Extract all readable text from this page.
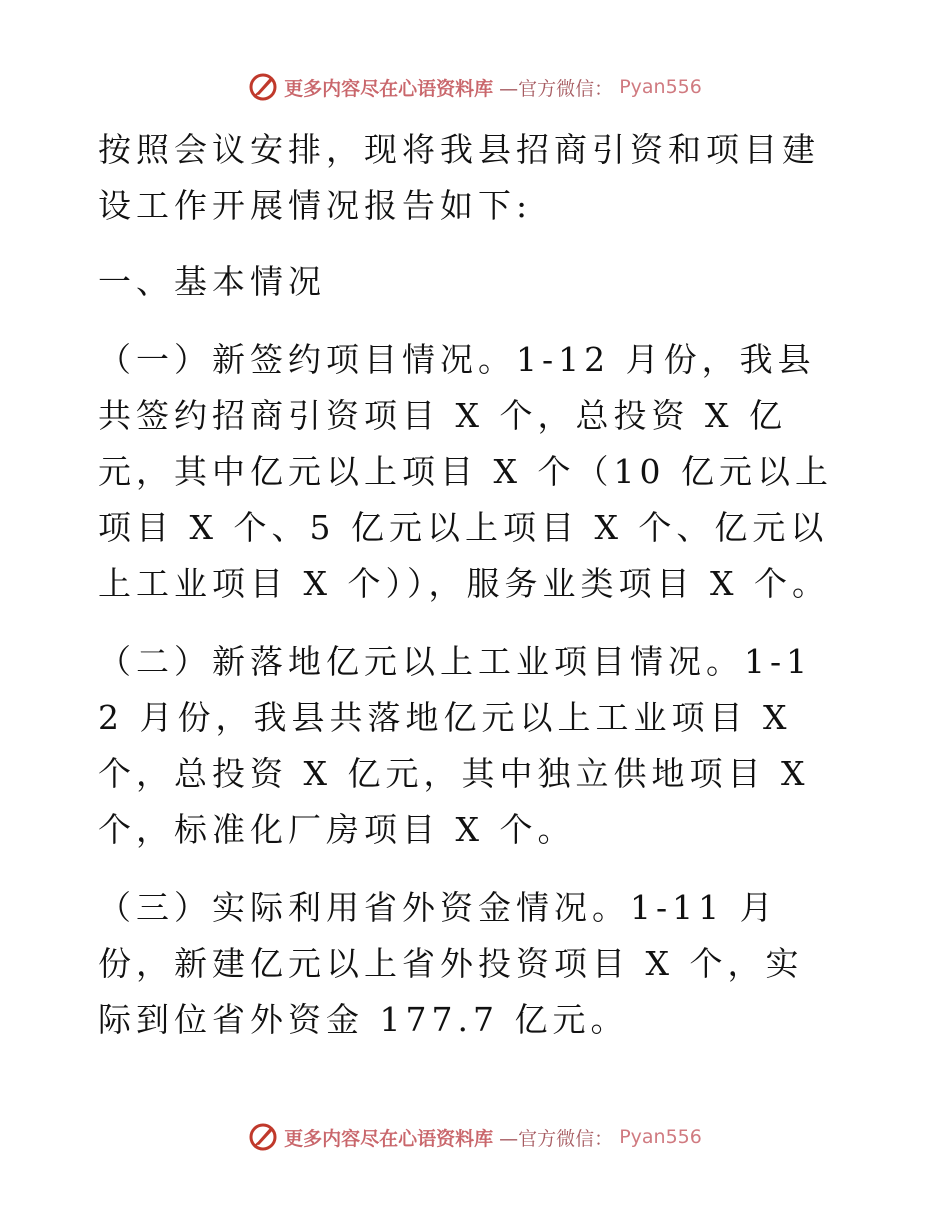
更多内容尽在心语资料库 —官方微信： Pyan556

按照会议安排，现将我县招商引资和项目建设工作开展情况报告如下:

一、基本情况

（一）新签约项目情况。1-12 月份，我县共签约招商引资项目 X 个，总投资 X 亿元，其中亿元以上项目 X 个（10 亿元以上项目 X 个、5 亿元以上项目 X 个、亿元以上工业项目 X 个）），服务业类项目 X 个。

（二）新落地亿元以上工业项目情况。1-12 月份，我县共落地亿元以上工业项目 X 个，总投资 X 亿元，其中独立供地项目 X 个，标准化厂房项目 X 个。

（三）实际利用省外资金情况。1-11 月份，新建亿元以上省外投资项目 X 个，实际到位省外资金 177.7 亿元。

更多内容尽在心语资料库 —官方微信： Pyan556
